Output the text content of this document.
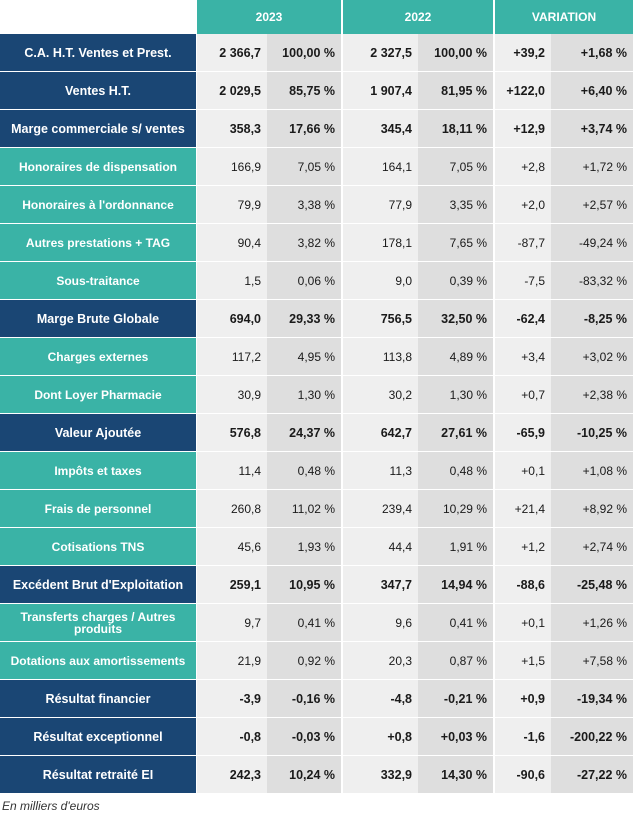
2023	2022	VARIATION
C.A. H.T. Ventes et Prest.	2 366,7	100,00 %	2 327,5	100,00 %	+39,2	+1,68 %
Ventes H.T.	2 029,5	85,75 %	1 907,4	81,95 %	+122,0	+6,40 %
Marge commerciale s/ ventes	358,3	17,66 %	345,4	18,11 %	+12,9	+3,74 %
Honoraires de dispensation	166,9	7,05 %	164,1	7,05 %	+2,8	+1,72 %
Honoraires à l'ordonnance	79,9	3,38 %	77,9	3,35 %	+2,0	+2,57 %
Autres prestations + TAG	90,4	3,82 %	178,1	7,65 %	-87,7	-49,24 %
Sous-traitance	1,5	0,06 %	9,0	0,39 %	-7,5	-83,32 %
Marge Brute Globale	694,0	29,33 %	756,5	32,50 %	-62,4	-8,25 %
Charges externes	117,2	4,95 %	113,8	4,89 %	+3,4	+3,02 %
Dont Loyer Pharmacie	30,9	1,30 %	30,2	1,30 %	+0,7	+2,38 %
Valeur Ajoutée	576,8	24,37 %	642,7	27,61 %	-65,9	-10,25 %
Impôts et taxes	11,4	0,48 %	11,3	0,48 %	+0,1	+1,08 %
Frais de personnel	260,8	11,02 %	239,4	10,29 %	+21,4	+8,92 %
Cotisations TNS	45,6	1,93 %	44,4	1,91 %	+1,2	+2,74 %
Excédent Brut d'Exploitation	259,1	10,95 %	347,7	14,94 %	-88,6	-25,48 %
Transferts charges / Autres produits	9,7	0,41 %	9,6	0,41 %	+0,1	+1,26 %
Dotations aux amortissements	21,9	0,92 %	20,3	0,87 %	+1,5	+7,58 %
Résultat financier	-3,9	-0,16 %	-4,8	-0,21 %	+0,9	-19,34 %
Résultat exceptionnel	-0,8	-0,03 %	+0,8	+0,03 %	-1,6	-200,22 %
Résultat retraité EI	242,3	10,24 %	332,9	14,30 %	-90,6	-27,22 %
En milliers d'euros
